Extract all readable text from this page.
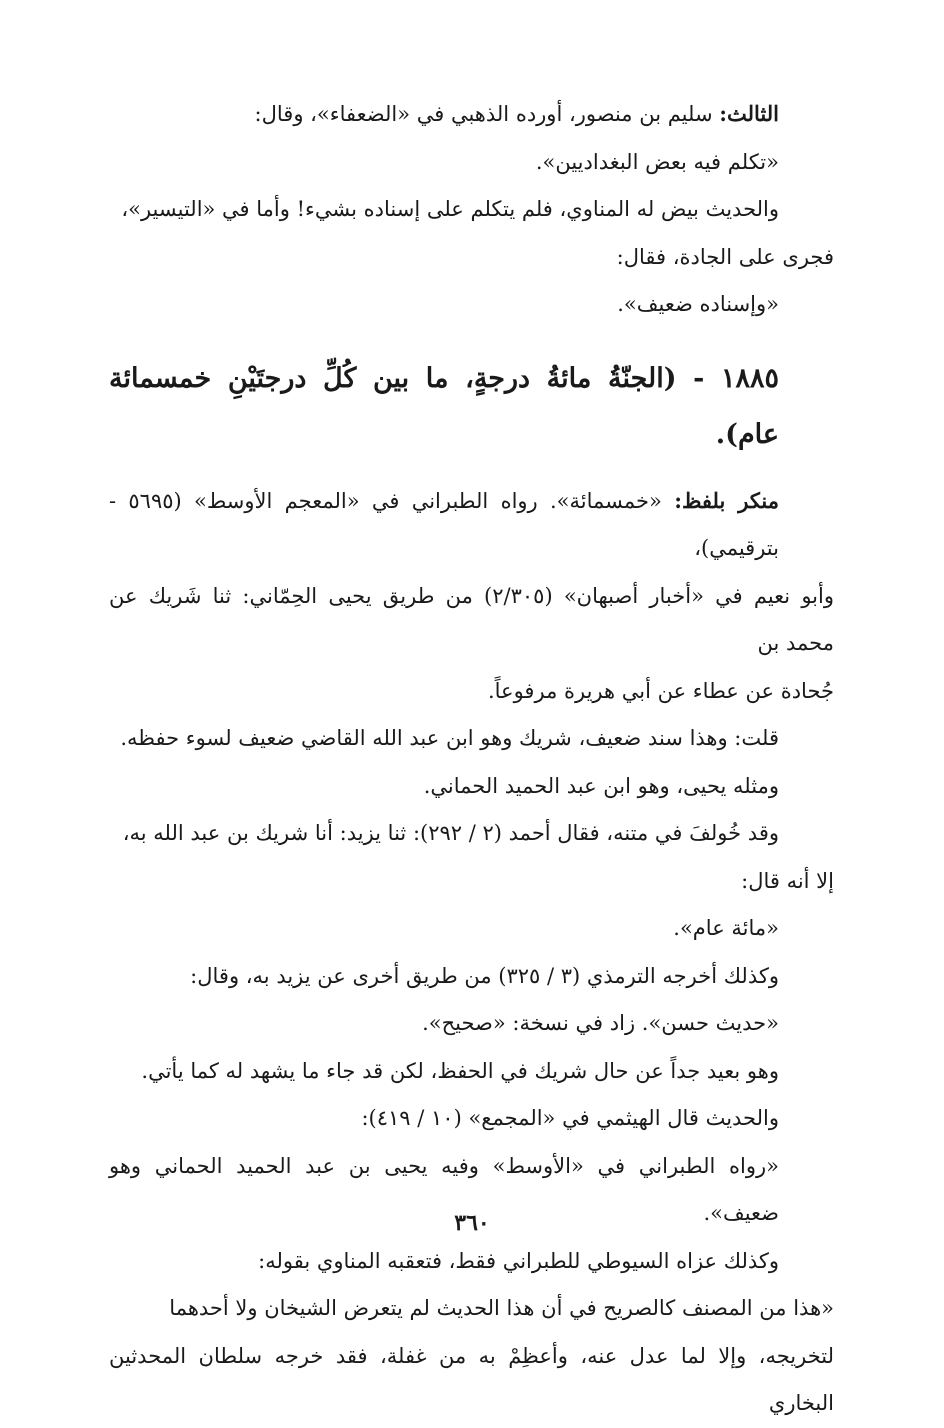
الثالث: سليم بن منصور، أورده الذهبي في «الضعفاء»، وقال:

«تكلم فيه بعض البغداديين».

والحديث بيض له المناوي، فلم يتكلم على إسناده بشيء! وأما في «التيسير»،

فجرى على الجادة، فقال:

«وإسناده ضعيف».

١٨٨٥ - (الجنّةُ مائةُ درجةٍ، ما بين كُلِّ درجتَيْنِ خمسمائة عام).

منكر بلفظ: «خمسمائة». رواه الطبراني في «المعجم الأوسط» (٥٦٩٥ - بترقيمي)،

وأبو نعيم في «أخبار أصبهان» (٢/٣٠٥) من طريق يحيى الحِمّاني: ثنا شَريك عن محمد بن

جُحادة عن عطاء عن أبي هريرة مرفوعاً.

قلت: وهذا سند ضعيف، شريك وهو ابن عبد الله القاضي ضعيف لسوء حفظه.

ومثله يحيى، وهو ابن عبد الحميد الحماني.

وقد خُولفَ في متنه، فقال أحمد (٢ / ٢٩٢): ثنا يزيد: أنا شريك بن عبد الله به،

إلا أنه قال:

«مائة عام».

وكذلك أخرجه الترمذي (٣ / ٣٢٥) من طريق أخرى عن يزيد به، وقال:

«حديث حسن». زاد في نسخة: «صحيح».

وهو بعيد جداً عن حال شريك في الحفظ، لكن قد جاء ما يشهد له كما يأتي.

والحديث قال الهيثمي في «المجمع» (١٠ / ٤١٩):

«رواه الطبراني في «الأوسط» وفيه يحيى بن عبد الحميد الحماني وهو ضعيف».

وكذلك عزاه السيوطي للطبراني فقط، فتعقبه المناوي بقوله:

«هذا من المصنف كالصريح في أن هذا الحديث لم يتعرض الشيخان ولا أحدهما

لتخريجه، وإلا لما عدل عنه، وأعظِمْ به من غفلة، فقد خرجه سلطان المحدثين البخاري

٣٦٠
